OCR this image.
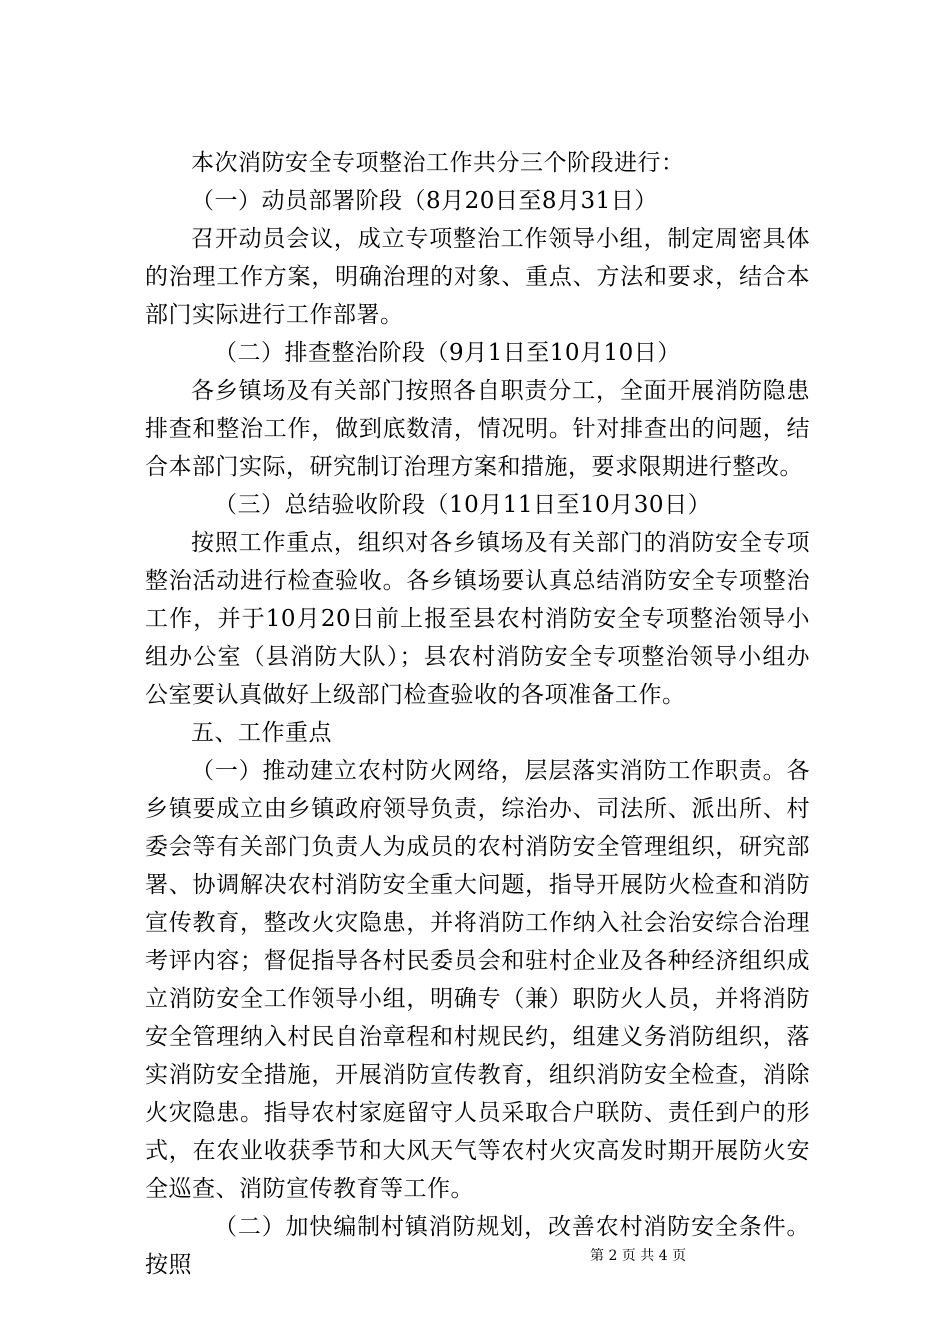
本次消防安全专项整治工作共分三个阶段进行：

（一）动员部署阶段（8月20日至8月31日）

召开动员会议，成立专项整治工作领导小组，制定周密具体的治理工作方案，明确治理的对象、重点、方法和要求，结合本部门实际进行工作部署。

（二）排查整治阶段（9月1日至10月10日）

各乡镇场及有关部门按照各自职责分工，全面开展消防隐患排查和整治工作，做到底数清，情况明。针对排查出的问题，结合本部门实际，研究制订治理方案和措施，要求限期进行整改。

（三）总结验收阶段（10月11日至10月30日）

按照工作重点，组织对各乡镇场及有关部门的消防安全专项整治活动进行检查验收。各乡镇场要认真总结消防安全专项整治工作，并于10月20日前上报至县农村消防安全专项整治领导小组办公室（县消防大队）；县农村消防安全专项整治领导小组办公室要认真做好上级部门检查验收的各项准备工作。

五、工作重点

（一）推动建立农村防火网络，层层落实消防工作职责。各乡镇要成立由乡镇政府领导负责，综治办、司法所、派出所、村委会等有关部门负责人为成员的农村消防安全管理组织，研究部署、协调解决农村消防安全重大问题，指导开展防火检查和消防宣传教育，整改火灾隐患，并将消防工作纳入社会治安综合治理考评内容；督促指导各村民委员会和驻村企业及各种经济组织成立消防安全工作领导小组，明确专（兼）职防火人员，并将消防安全管理纳入村民自治章程和村规民约，组建义务消防组织，落实消防安全措施，开展消防宣传教育，组织消防安全检查，消除火灾隐患。指导农村家庭留守人员采取合户联防、责任到户的形式，在农业收获季节和大风天气等农村火灾高发时期开展防火安全巡查、消防宣传教育等工作。

（二）加快编制村镇消防规划，改善农村消防安全条件。按照	第 2 页 共 4 页
